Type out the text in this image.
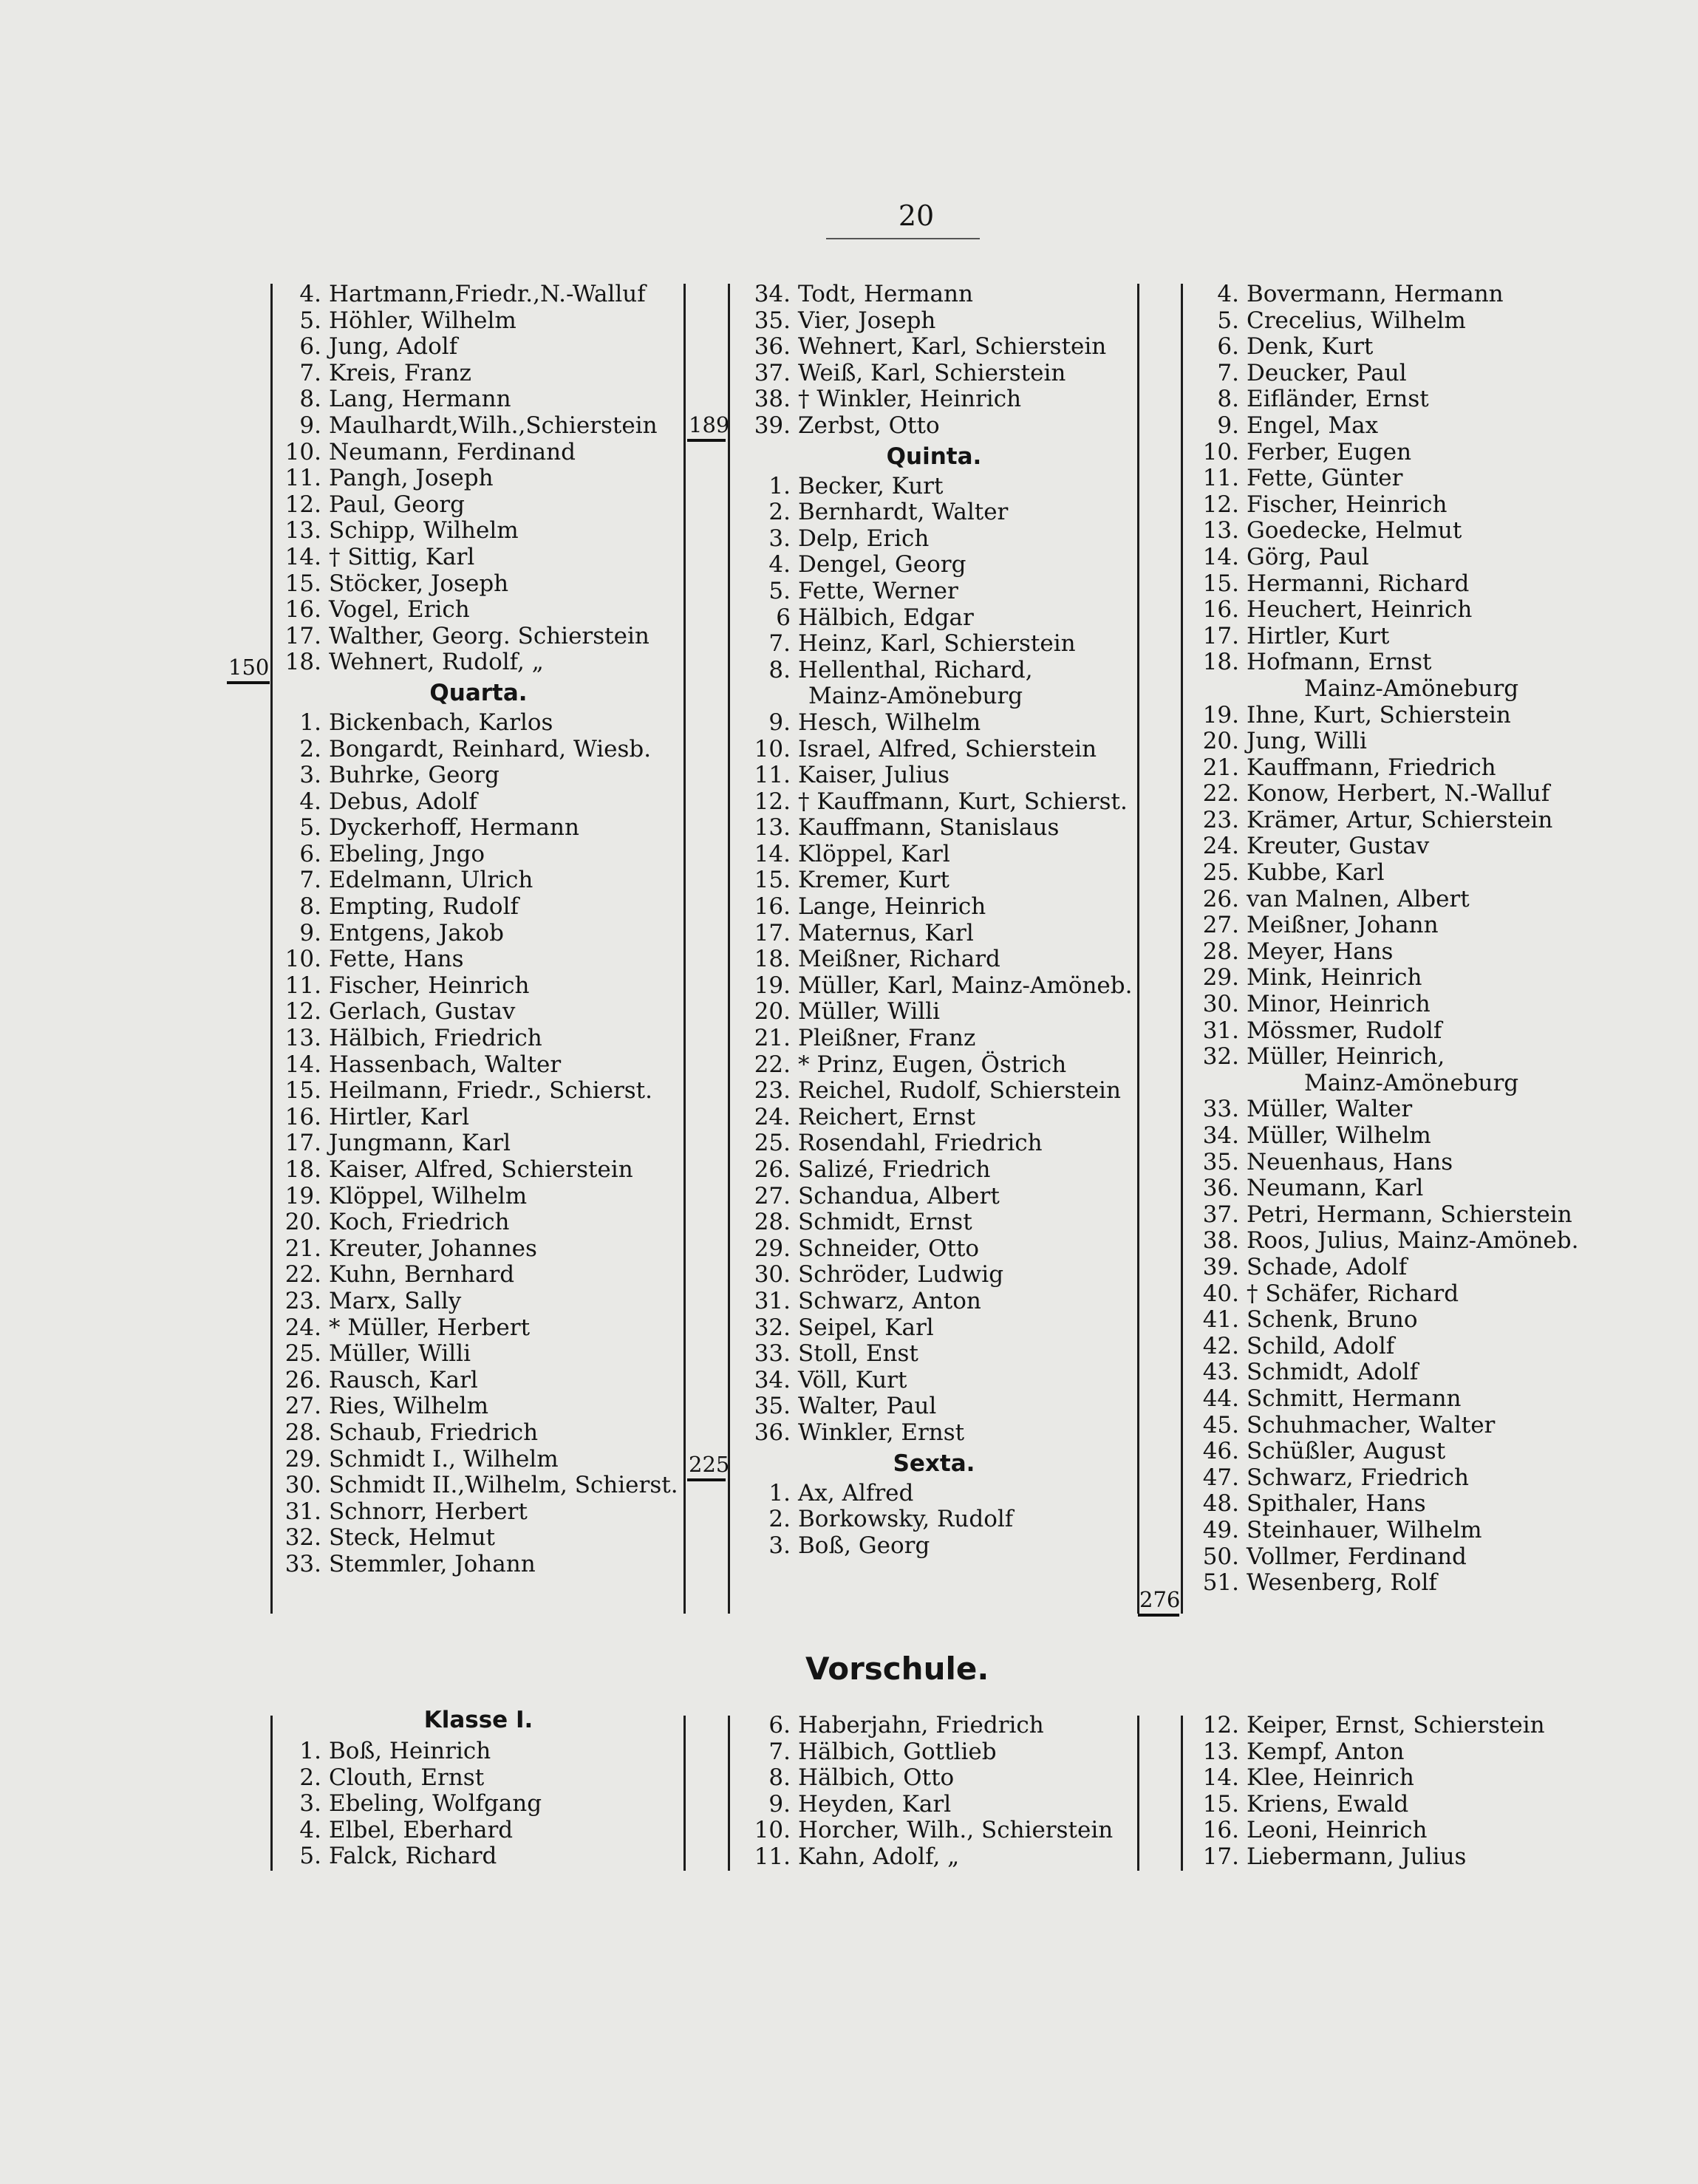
20
150
189
225
276
4. Hartmann,Friedr.,N.-Walluf
5. Höhler, Wilhelm
6. Jung, Adolf
7. Kreis, Franz
8. Lang, Hermann
9. Maulhardt,Wilh.,Schierstein
10. Neumann, Ferdinand
11. Pangh, Joseph
12. Paul, Georg
13. Schipp, Wilhelm
14. † Sittig, Karl
15. Stöcker, Joseph
16. Vogel, Erich
17. Walther, Georg. Schierstein
18. Wehnert, Rudolf, „
Quarta.
1. Bickenbach, Karlos
2. Bongardt, Reinhard, Wiesb.
3. Buhrke, Georg
4. Debus, Adolf
5. Dyckerhoff, Hermann
6. Ebeling, Jngo
7. Edelmann, Ulrich
8. Empting, Rudolf
9. Entgens, Jakob
10. Fette, Hans
11. Fischer, Heinrich
12. Gerlach, Gustav
13. Hälbich, Friedrich
14. Hassenbach, Walter
15. Heilmann, Friedr., Schierst.
16. Hirtler, Karl
17. Jungmann, Karl
18. Kaiser, Alfred, Schierstein
19. Klöppel, Wilhelm
20. Koch, Friedrich
21. Kreuter, Johannes
22. Kuhn, Bernhard
23. Marx, Sally
24. * Müller, Herbert
25. Müller, Willi
26. Rausch, Karl
27. Ries, Wilhelm
28. Schaub, Friedrich
29. Schmidt I., Wilhelm
30. Schmidt II.,Wilhelm, Schierst.
31. Schnorr, Herbert
32. Steck, Helmut
33. Stemmler, Johann
34. Todt, Hermann
35. Vier, Joseph
36. Wehnert, Karl, Schierstein
37. Weiß, Karl, Schierstein
38. † Winkler, Heinrich
39. Zerbst, Otto
Quinta.
1. Becker, Kurt
2. Bernhardt, Walter
3. Delp, Erich
4. Dengel, Georg
5. Fette, Werner
6 Hälbich, Edgar
7. Heinz, Karl, Schierstein
8. Hellenthal, Richard,
Mainz-Amöneburg
9. Hesch, Wilhelm
10. Israel, Alfred, Schierstein
11. Kaiser, Julius
12. † Kauffmann, Kurt, Schierst.
13. Kauffmann, Stanislaus
14. Klöppel, Karl
15. Kremer, Kurt
16. Lange, Heinrich
17. Maternus, Karl
18. Meißner, Richard
19. Müller, Karl, Mainz-Amöneb.
20. Müller, Willi
21. Pleißner, Franz
22. * Prinz, Eugen, Östrich
23. Reichel, Rudolf, Schierstein
24. Reichert, Ernst
25. Rosendahl, Friedrich
26. Salizé, Friedrich
27. Schandua, Albert
28. Schmidt, Ernst
29. Schneider, Otto
30. Schröder, Ludwig
31. Schwarz, Anton
32. Seipel, Karl
33. Stoll, Enst
34. Völl, Kurt
35. Walter, Paul
36. Winkler, Ernst
Sexta.
1. Ax, Alfred
2. Borkowsky, Rudolf
3. Boß, Georg
4. Bovermann, Hermann
5. Crecelius, Wilhelm
6. Denk, Kurt
7. Deucker, Paul
8. Eifländer, Ernst
9. Engel, Max
10. Ferber, Eugen
11. Fette, Günter
12. Fischer, Heinrich
13. Goedecke, Helmut
14. Görg, Paul
15. Hermanni, Richard
16. Heuchert, Heinrich
17. Hirtler, Kurt
18. Hofmann, Ernst
Mainz-Amöneburg
19. Ihne, Kurt, Schierstein
20. Jung, Willi
21. Kauffmann, Friedrich
22. Konow, Herbert, N.-Walluf
23. Krämer, Artur, Schierstein
24. Kreuter, Gustav
25. Kubbe, Karl
26. van Malnen, Albert
27. Meißner, Johann
28. Meyer, Hans
29. Mink, Heinrich
30. Minor, Heinrich
31. Mössmer, Rudolf
32. Müller, Heinrich,
Mainz-Amöneburg
33. Müller, Walter
34. Müller, Wilhelm
35. Neuenhaus, Hans
36. Neumann, Karl
37. Petri, Hermann, Schierstein
38. Roos, Julius, Mainz-Amöneb.
39. Schade, Adolf
40. † Schäfer, Richard
41. Schenk, Bruno
42. Schild, Adolf
43. Schmidt, Adolf
44. Schmitt, Hermann
45. Schuhmacher, Walter
46. Schüßler, August
47. Schwarz, Friedrich
48. Spithaler, Hans
49. Steinhauer, Wilhelm
50. Vollmer, Ferdinand
51. Wesenberg, Rolf
Vorschule.
Klasse I.
1. Boß, Heinrich
2. Clouth, Ernst
3. Ebeling, Wolfgang
4. Elbel, Eberhard
5. Falck, Richard
6. Haberjahn, Friedrich
7. Hälbich, Gottlieb
8. Hälbich, Otto
9. Heyden, Karl
10. Horcher, Wilh., Schierstein
11. Kahn, Adolf, „
12. Keiper, Ernst, Schierstein
13. Kempf, Anton
14. Klee, Heinrich
15. Kriens, Ewald
16. Leoni, Heinrich
17. Liebermann, Julius
